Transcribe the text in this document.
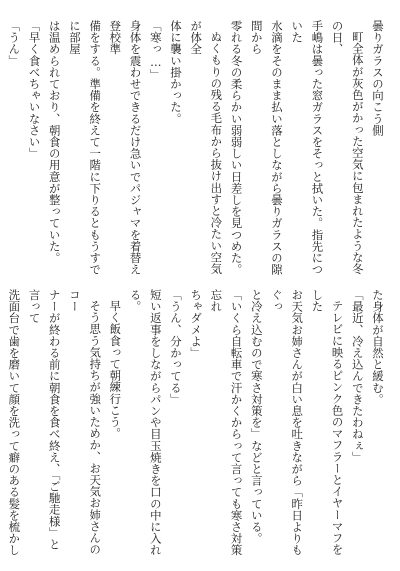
曇りガラスの向こう側

町全体が灰色がかった空気に包まれたような冬の日、

手嶋は曇った窓ガラスをそっと拭いた。指先についた

水滴をそのまま払い落としながら曇りガラスの隙間から

零れる冬の柔らかい弱弱しい日差しを見つめた。

ぬくもりの残る毛布から抜け出すと冷たい空気が体全

体に襲い掛かった。

「寒っ…」

身体を震わせできるだけ急いでパジャマを着替え登校準

備をする。準備を終えて一階に下りるともうすでに部屋

は温められており、朝食の用意が整っていた。

「早く食べちゃいなさい」

「うん」

た身体が自然と緩む。

「最近、冷え込んできたわねぇ」

テレビに映るピンク色のマフラーとイヤーマフをした

お天気お姉さんが白い息を吐きながら「昨日よりもぐっ

と冷え込むので寒さ対策を」などと言っている。

「いくら自転車で汗かくからって言っても寒さ対策忘れ

ちゃダメよ」

「うん、分かってる」

短い返事をしながらパンや目玉焼きを口の中に入れる。

早く飯食って朝練行こう。

そう思う気持ちが強いためか、お天気お姉さんのコー

ナーが終わる前に朝食を食べ終え、「ご馳走様」と言って

洗面台で歯を磨いて顔を洗って癖のある髪を梳かし
